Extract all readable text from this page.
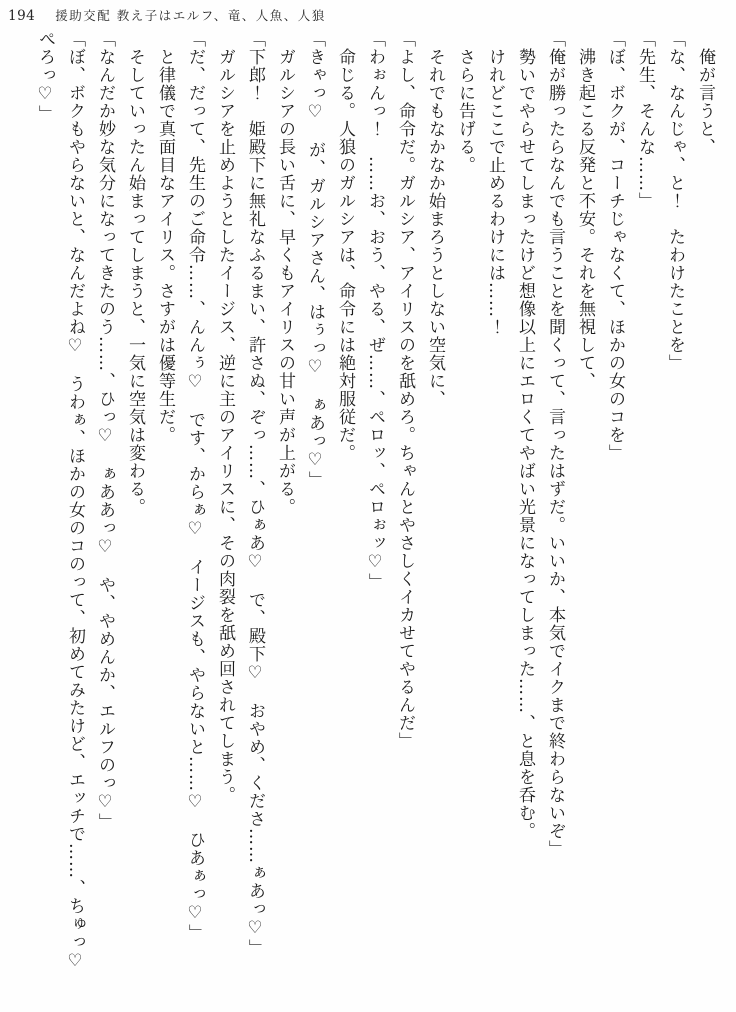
194 援助交配 教え子はエルフ、竜、人魚、人狼

俺が言うと、

「な、なんじゃ、と！　たわけたことを」

「先生、そんな……」

「ぼ、ボクが、コーチじゃなくて、ほかの女のコを」

沸き起こる反発と不安。それを無視して、

「俺が勝ったらなんでも言うことを聞くって、言ったはずだ。いいか、本気でイクまで終わらないぞ」

勢いでやらせてしまったけど想像以上にエロくてやばい光景になってしまった……、と息を呑む。

けれどここで止めるわけには……！

さらに告げる。

それでもなかなか始まろうとしない空気に、

「よし、命令だ。ガルシア、アイリスのを舐めろ。ちゃんとやさしくイカせてやるんだ」

「わぉんっ！　……お、おう、やる、ぜ……、ペロッ、ペロぉッ♡」

命じる。人狼のガルシアは、命令には絶対服従だ。

「きゃっ♡　が、ガルシアさん、はぅっ♡　ぁあっ♡」

ガルシアの長い舌に、早くもアイリスの甘い声が上がる。

「下郎！　姫殿下に無礼なふるまい、許さぬ、ぞっ……、ひぁあ♡　で、殿下♡　おやめ、くださ……ぁあっ♡」

ガルシアを止めようとしたイージス、逆に主のアイリスに、その肉裂を舐め回されてしまう。

「だ、だって、先生のご命令……、んんぅ♡　です、からぁ♡　イージスも、やらないと……♡　ひあぁっ♡」

と律儀で真面目なアイリス。さすがは優等生だ。

そしていったん始まってしまうと、一気に空気は変わる。

「なんだか妙な気分になってきたのう……、ひっ♡　ぁああっ♡　や、やめんか、エルフのっ♡」

「ぼ、ボクもやらないと、なんだよね♡　うわぁ、ほかの女のコのって、初めてみたけど、エッチで……、ちゅっ♡　ぺろっ♡」
